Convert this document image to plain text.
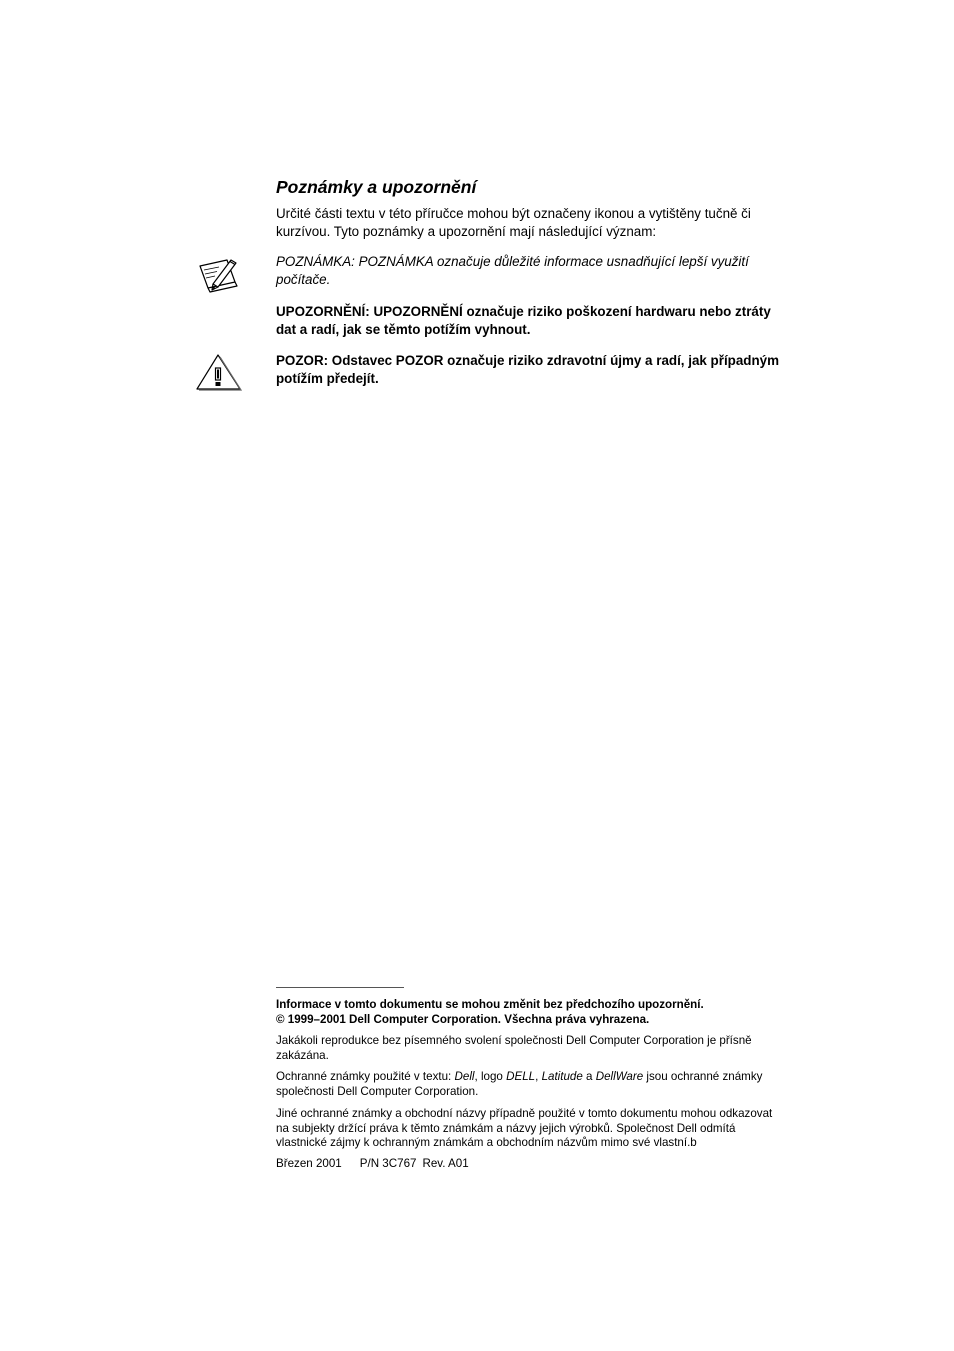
Poznámky a upozornění

Určité části textu v této příručce mohou být označeny ikonou a vytištěny tučně či
kurzívou. Tyto poznámky a upozornění mají následující význam:

POZNÁMKA: POZNÁMKA označuje důležité informace usnadňující lepší využití
počítače.

UPOZORNĚNÍ: UPOZORNĚNÍ označuje riziko poškození hardwaru nebo ztráty
dat a radí, jak se těmto potížím vyhnout.

POZOR: Odstavec POZOR označuje riziko zdravotní újmy a radí, jak případným
potížím předejít.

Informace v tomto dokumentu se mohou změnit bez předchozího upozornění.
© 1999–2001 Dell Computer Corporation. Všechna práva vyhrazena.

Jakákoli reprodukce bez písemného svolení společnosti Dell Computer Corporation je přísně
zakázána.

Ochranné známky použité v textu: Dell, logo DELL, Latitude a DellWare jsou ochranné známky
společnosti Dell Computer Corporation.

Jiné ochranné známky a obchodní názvy případně použité v tomto dokumentu mohou odkazovat
na subjekty držící práva k těmto známkám a názvy jejich výrobků. Společnost Dell odmítá
vlastnické zájmy k ochranným známkám a obchodním názvům mimo své vlastní.b

Březen 2001 P/N 3C767 Rev. A01
